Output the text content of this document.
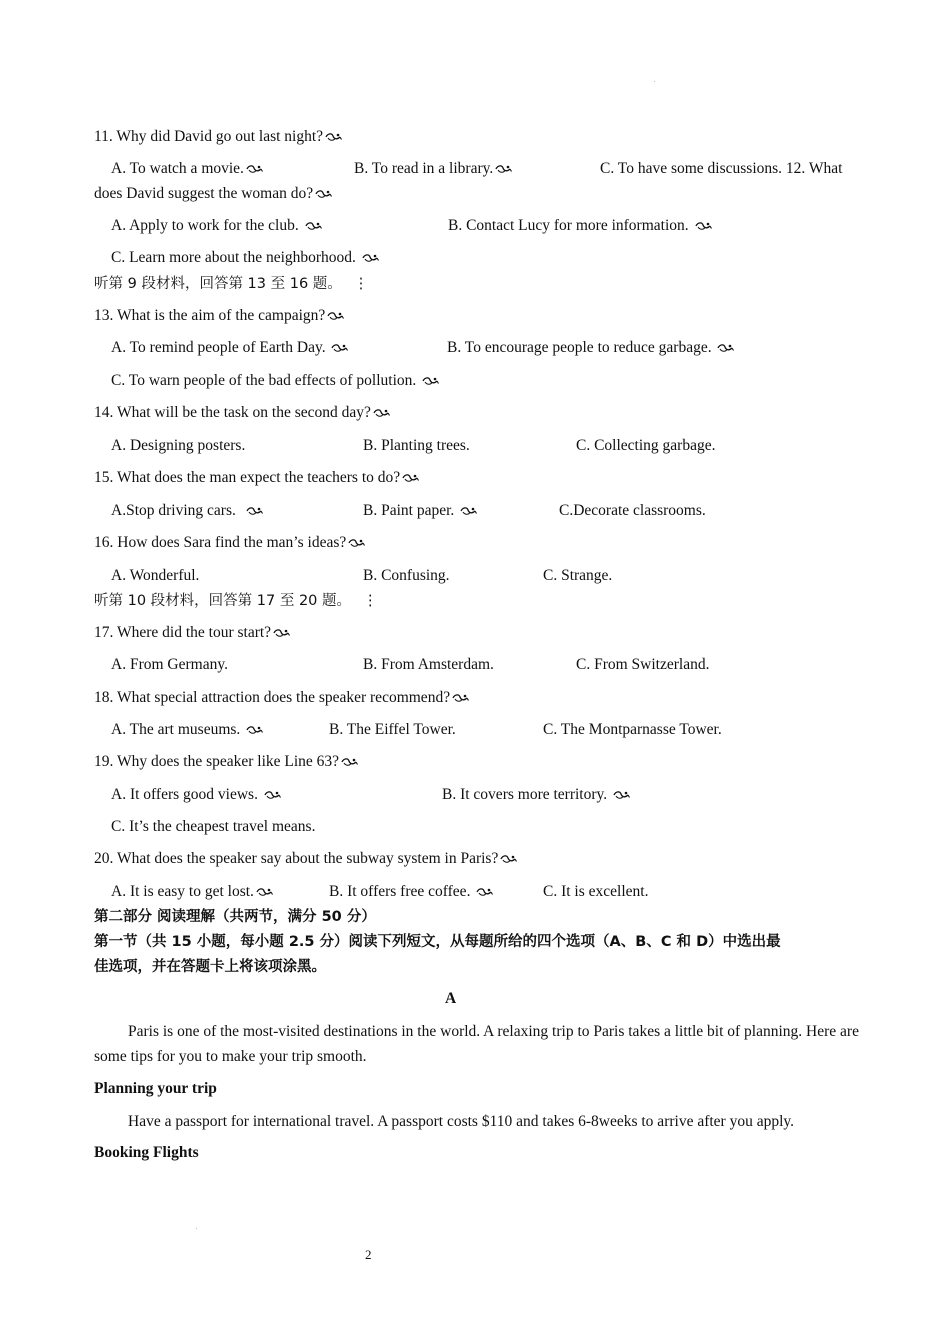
11. Why did David go out last night?
A. To watch a movie.	B. To read in a library.	C. To have some discussions. 12. What
does David suggest the woman do?
A. Apply to work for the club.	B. Contact Lucy for more information.
C. Learn more about the neighborhood.
听第 9 段材料，回答第 13 至 16 题。 ⋮
13. What is the aim of the campaign?
A. To remind people of Earth Day.	B. To encourage people to reduce garbage.
C. To warn people of the bad effects of pollution.
14. What will be the task on the second day?
A. Designing posters.	B. Planting trees.	C. Collecting garbage.
15. What does the man expect the teachers to do?
A.Stop driving cars.	B. Paint paper.	C.Decorate classrooms.
16. How does Sara find the man’s ideas?
A. Wonderful.	B. Confusing.	C. Strange.
听第 10 段材料，回答第 17 至 20 题。 ⋮
17. Where did the tour start?
A. From Germany.	B. From Amsterdam.	C. From Switzerland.
18. What special attraction does the speaker recommend?
A. The art museums.	B. The Eiffel Tower.	C. The Montparnasse Tower.
19. Why does the speaker like Line 63?
A. It offers good views.	B. It covers more territory.
C. It’s the cheapest travel means.
20. What does the speaker say about the subway system in Paris?
A. It is easy to get lost.	B. It offers free coffee.	C. It is excellent.
第二部分 阅读理解（共两节，满分 50 分）
第一节（共 15 小题，每小题 2.5 分）阅读下列短文，从每题所给的四个选项（A、B、C 和 D）中选出最
佳选项，并在答题卡上将该项涂黑。
A
Paris is one of the most-visited destinations in the world. A relaxing trip to Paris takes a little bit of planning. Here are some tips for you to make your trip smooth.
Planning your trip
Have a passport for international travel. A passport costs $110 and takes 6-8weeks to arrive after you apply.
Booking Flights
2
